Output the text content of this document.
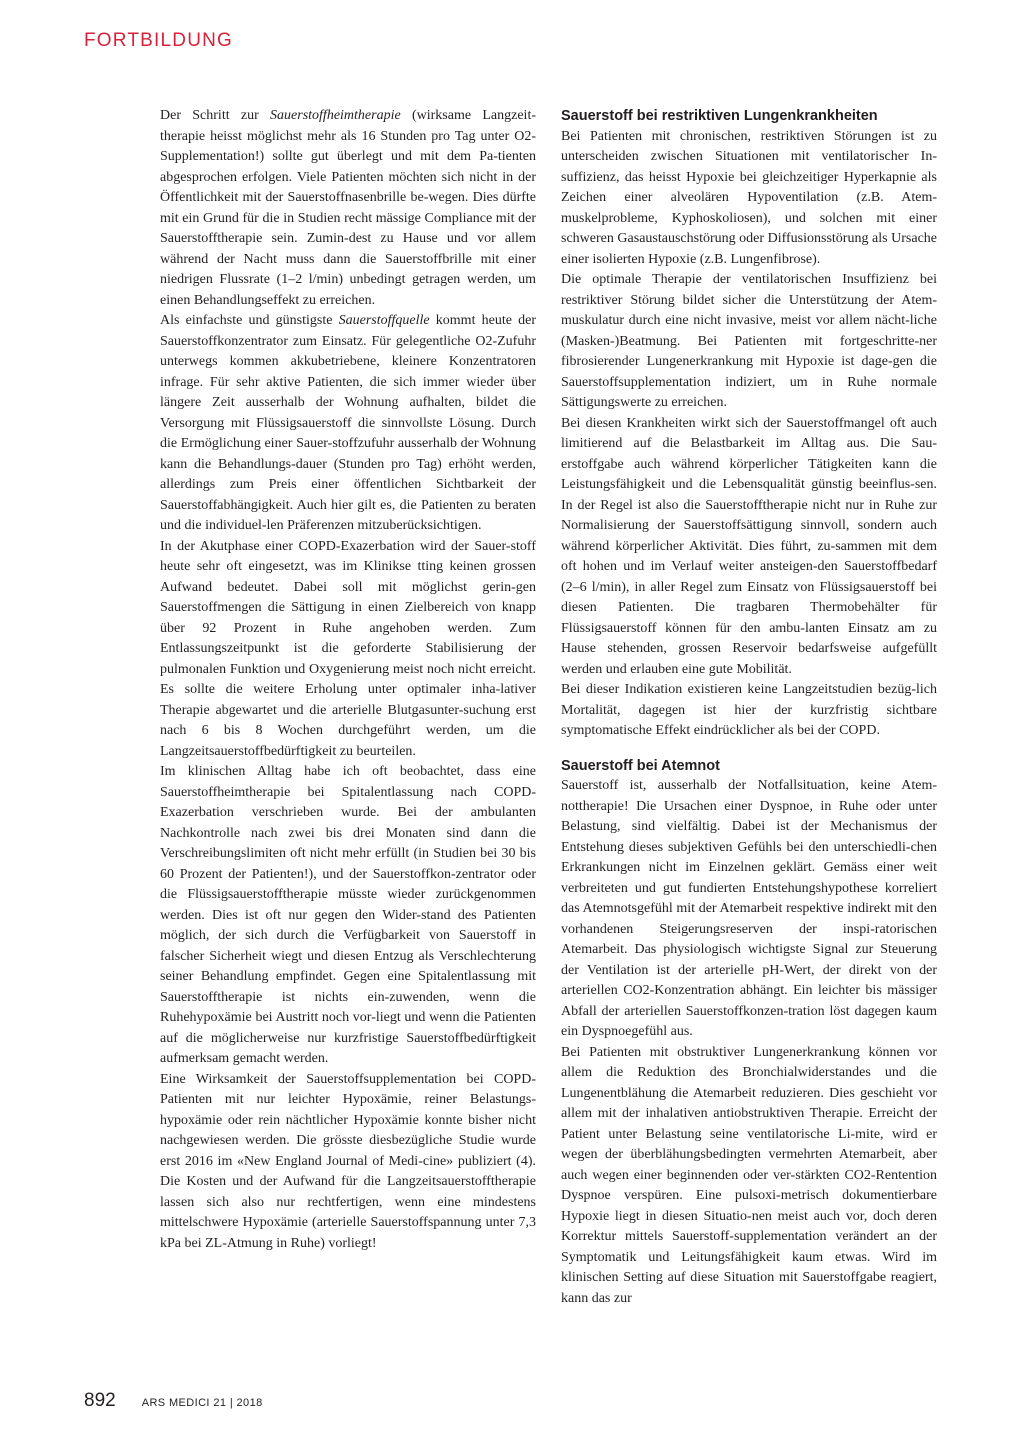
FORTBILDUNG

Der Schritt zur Sauerstoffheimtherapie (wirksame Langzeit-therapie heisst möglichst mehr als 16 Stunden pro Tag unter O2-Supplementation!) sollte gut überlegt und mit dem Pa-tienten abgesprochen erfolgen. Viele Patienten möchten sich nicht in der Öffentlichkeit mit der Sauerstoffnasenbrille be-wegen. Dies dürfte mit ein Grund für die in Studien recht mässige Compliance mit der Sauerstofftherapie sein. Zumin-dest zu Hause und vor allem während der Nacht muss dann die Sauerstoffbrille mit einer niedrigen Flussrate (1–2 l/min) unbedingt getragen werden, um einen Behandlungseffekt zu erreichen.

Als einfachste und günstigste Sauerstoffquelle kommt heute der Sauerstoffkonzentrator zum Einsatz. Für gelegentliche O2-Zufuhr unterwegs kommen akkubetriebene, kleinere Konzentratoren infrage. Für sehr aktive Patienten, die sich immer wieder über längere Zeit ausserhalb der Wohnung aufhalten, bildet die Versorgung mit Flüssigsauerstoff die sinnvollste Lösung. Durch die Ermöglichung einer Sauer-stoffzufuhr ausserhalb der Wohnung kann die Behandlungs-dauer (Stunden pro Tag) erhöht werden, allerdings zum Preis einer öffentlichen Sichtbarkeit der Sauerstoffabhängigkeit. Auch hier gilt es, die Patienten zu beraten und die individuel-len Präferenzen mitzuberücksichtigen.

In der Akutphase einer COPD-Exazerbation wird der Sauer-stoff heute sehr oft eingesetzt, was im Klinikse tting keinen grossen Aufwand bedeutet. Dabei soll mit möglichst gerin-gen Sauerstoffmengen die Sättigung in einen Zielbereich von knapp über 92 Prozent in Ruhe angehoben werden. Zum Entlassungszeitpunkt ist die geforderte Stabilisierung der pulmonalen Funktion und Oxygenierung meist noch nicht erreicht. Es sollte die weitere Erholung unter optimaler inha-lativer Therapie abgewartet und die arterielle Blutgasunter-suchung erst nach 6 bis 8 Wochen durchgeführt werden, um die Langzeitsauerstoffbedürftigkeit zu beurteilen.

Im klinischen Alltag habe ich oft beobachtet, dass eine Sauerstoffheimtherapie bei Spitalentlassung nach COPD-Exazerbation verschrieben wurde. Bei der ambulanten Nachkontrolle nach zwei bis drei Monaten sind dann die Verschreibungslimiten oft nicht mehr erfüllt (in Studien bei 30 bis 60 Prozent der Patienten!), und der Sauerstoffkon-zentrator oder die Flüssigsauerstofftherapie müsste wieder zurückgenommen werden. Dies ist oft nur gegen den Wider-stand des Patienten möglich, der sich durch die Verfügbarkeit von Sauerstoff in falscher Sicherheit wiegt und diesen Entzug als Verschlechterung seiner Behandlung empfindet. Gegen eine Spitalentlassung mit Sauerstofftherapie ist nichts ein-zuwenden, wenn die Ruhehypoxämie bei Austritt noch vor-liegt und wenn die Patienten auf die möglicherweise nur kurzfristige Sauerstoffbedürftigkeit aufmerksam gemacht werden.

Eine Wirksamkeit der Sauerstoffsupplementation bei COPD-Patienten mit nur leichter Hypoxämie, reiner Belastungs-hypoxämie oder rein nächtlicher Hypoxämie konnte bisher nicht nachgewiesen werden. Die grösste diesbezügliche Studie wurde erst 2016 im «New England Journal of Medi-cine» publiziert (4). Die Kosten und der Aufwand für die Langzeitsauerstofftherapie lassen sich also nur rechtfertigen, wenn eine mindestens mittelschwere Hypoxämie (arterielle Sauerstoffspannung unter 7,3 kPa bei ZL-Atmung in Ruhe) vorliegt!

Sauerstoff bei restriktiven Lungenkrankheiten

Bei Patienten mit chronischen, restriktiven Störungen ist zu unterscheiden zwischen Situationen mit ventilatorischer In-suffizienz, das heisst Hypoxie bei gleichzeitiger Hyperkapnie als Zeichen einer alveolären Hypoventilation (z.B. Atem-muskelprobleme, Kyphoskoliosen), und solchen mit einer schweren Gasaustauschstörung oder Diffusionsstörung als Ursache einer isolierten Hypoxie (z.B. Lungenfibrose).

Die optimale Therapie der ventilatorischen Insuffizienz bei restriktiver Störung bildet sicher die Unterstützung der Atem-muskulatur durch eine nicht invasive, meist vor allem nächt-liche (Masken-)Beatmung. Bei Patienten mit fortgeschritte-ner fibrosierender Lungenerkrankung mit Hypoxie ist dage-gen die Sauerstoffsupplementation indiziert, um in Ruhe normale Sättigungswerte zu erreichen.

Bei diesen Krankheiten wirkt sich der Sauerstoffmangel oft auch limitierend auf die Belastbarkeit im Alltag aus. Die Sau-erstoffgabe auch während körperlicher Tätigkeiten kann die Leistungsfähigkeit und die Lebensqualität günstig beeinflus-sen. In der Regel ist also die Sauerstofftherapie nicht nur in Ruhe zur Normalisierung der Sauerstoffsättigung sinnvoll, sondern auch während körperlicher Aktivität. Dies führt, zu-sammen mit dem oft hohen und im Verlauf weiter ansteigen-den Sauerstoffbedarf (2–6 l/min), in aller Regel zum Einsatz von Flüssigsauerstoff bei diesen Patienten. Die tragbaren Thermobehälter für Flüssigsauerstoff können für den ambu-lanten Einsatz am zu Hause stehenden, grossen Reservoir bedarfsweise aufgefüllt werden und erlauben eine gute Mobilität.

Bei dieser Indikation existieren keine Langzeitstudien bezüg-lich Mortalität, dagegen ist hier der kurzfristig sichtbare symptomatische Effekt eindrücklicher als bei der COPD.

Sauerstoff bei Atemnot

Sauerstoff ist, ausserhalb der Notfallsituation, keine Atem-nottherapie! Die Ursachen einer Dyspnoe, in Ruhe oder unter Belastung, sind vielfältig. Dabei ist der Mechanismus der Entstehung dieses subjektiven Gefühls bei den unterschiedli-chen Erkrankungen nicht im Einzelnen geklärt. Gemäss einer weit verbreiteten und gut fundierten Entstehungshypothese korreliert das Atemnotsgefühl mit der Atemarbeit respektive indirekt mit den vorhandenen Steigerungsreserven der inspi-ratorischen Atemarbeit. Das physiologisch wichtigste Signal zur Steuerung der Ventilation ist der arterielle pH-Wert, der direkt von der arteriellen CO2-Konzentration abhängt. Ein leichter bis mässiger Abfall der arteriellen Sauerstoffkonzen-tration löst dagegen kaum ein Dyspnoegefühl aus.

Bei Patienten mit obstruktiver Lungenerkrankung können vor allem die Reduktion des Bronchialwiderstandes und die Lungenentblähung die Atemarbeit reduzieren. Dies geschieht vor allem mit der inhalativen antiobstruktiven Therapie. Erreicht der Patient unter Belastung seine ventilatorische Li-mite, wird er wegen der überblähungsbedingten vermehrten Atemarbeit, aber auch wegen einer beginnenden oder ver-stärkten CO2-Rentention Dyspnoe verspüren. Eine pulsoxi-metrisch dokumentierbare Hypoxie liegt in diesen Situatio-nen meist auch vor, doch deren Korrektur mittels Sauerstoff-supplementation verändert an der Symptomatik und Leitungsfähigkeit kaum etwas. Wird im klinischen Setting auf diese Situation mit Sauerstoffgabe reagiert, kann das zur

892 ARS MEDICI 21 | 2018
